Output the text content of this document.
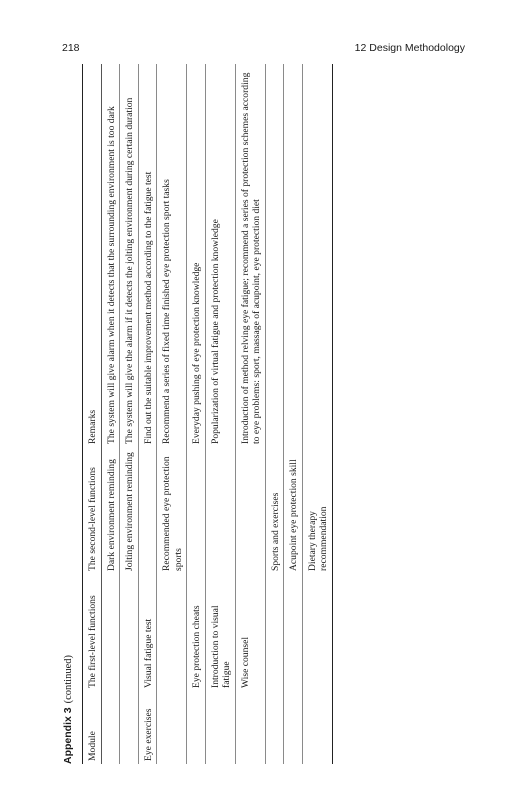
218	12 Design Methodology
Appendix 3(continued)
Module	The first-level functions	The second-level functions	Remarks
		Dark environment reminding	The system will give alarm when it detects that the surrounding environment is too dark
		Jolting environment reminding	The system will give the alarm if it detects the jolting environment during certain duration
Eye exercises	Visual fatigue test		Find out the suitable improvement method according to the fatigue test
		Recommended eye protection sports	Recommend a series of fixed time finished eye protection sport tasks
	Eye protection cheats		Everyday pushing of eye protection knowledge
	Introduction to visual fatigue		Popularization of virtual fatigue and protection knowledge
	Wise counsel		Introduction of method relving eye fatigue; recommend a series of protection schemes according to eye problems: sport, massage of acupoint, eye protection diet
		Sports and exercises	
		Acupoint eye protection skill	
		Dietary therapy recommendation	
